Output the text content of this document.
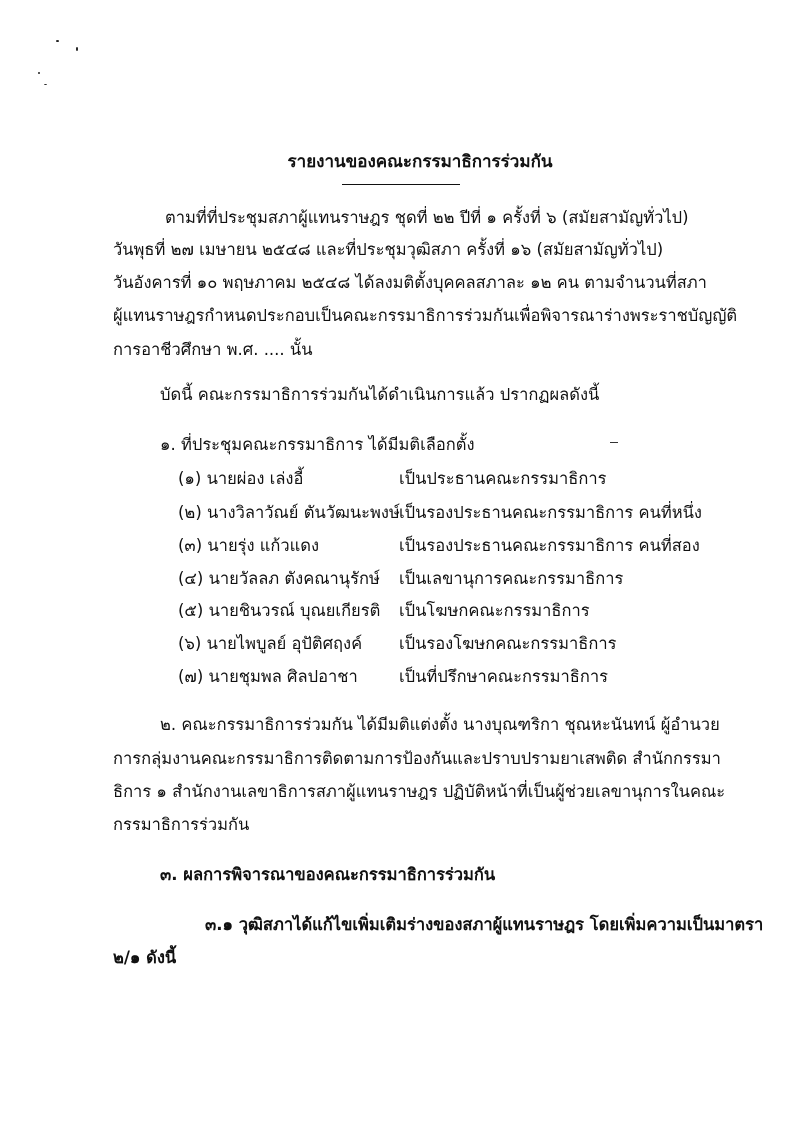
รายงานของคณะกรรมาธิการร่วมกัน
ตามที่ที่ประชุมสภาผู้แทนราษฎร ชุดที่ ๒๒ ปีที่ ๑ ครั้งที่ ๖ (สมัยสามัญทั่วไป)
วันพุธที่ ๒๗ เมษายน ๒๕๔๘ และที่ประชุมวุฒิสภา ครั้งที่ ๑๖ (สมัยสามัญทั่วไป)
วันอังคารที่ ๑๐ พฤษภาคม ๒๕๔๘ ได้ลงมติตั้งบุคคลสภาละ ๑๒ คน ตามจำนวนที่สภา
ผู้แทนราษฎรกำหนดประกอบเป็นคณะกรรมาธิการร่วมกันเพื่อพิจารณาร่างพระราชบัญญัติ
การอาชีวศึกษา พ.ศ. .... นั้น
บัดนี้ คณะกรรมาธิการร่วมกันได้ดำเนินการแล้ว ปรากฏผลดังนี้
๑. ที่ประชุมคณะกรรมาธิการ ได้มีมติเลือกตั้ง
(๑) นายผ่อง เล่งอี้	เป็นประธานคณะกรรมาธิการ
(๒) นางวิลาวัณย์ ตันวัฒนะพงษ์ เป็นรองประธานคณะกรรมาธิการ คนที่หนึ่ง
(๓) นายรุ่ง แก้วแดง	เป็นรองประธานคณะกรรมาธิการ คนที่สอง
(๔) นายวัลลภ ตังคณานุรักษ์ เป็นเลขานุการคณะกรรมาธิการ
(๕) นายชินวรณ์ บุณยเกียรติ เป็นโฆษกคณะกรรมาธิการ
(๖) นายไพบูลย์ อุปัติศฤงค์ เป็นรองโฆษกคณะกรรมาธิการ
(๗) นายชุมพล ศิลปอาชา	เป็นที่ปรึกษาคณะกรรมาธิการ
๒. คณะกรรมาธิการร่วมกัน ได้มีมติแต่งตั้ง นางบุณฑริกา ชุณหะนันทน์ ผู้อำนวย
การกลุ่มงานคณะกรรมาธิการติดตามการป้องกันและปราบปรามยาเสพติด สำนักกรรมา
ธิการ ๑ สำนักงานเลขาธิการสภาผู้แทนราษฎร ปฏิบัติหน้าที่เป็นผู้ช่วยเลขานุการในคณะ
กรรมาธิการร่วมกัน
๓. ผลการพิจารณาของคณะกรรมาธิการร่วมกัน
๓.๑ วุฒิสภาได้แก้ไขเพิ่มเติมร่างของสภาผู้แทนราษฎร โดยเพิ่มความเป็นมาตรา
๒/๑ ดังนี้
